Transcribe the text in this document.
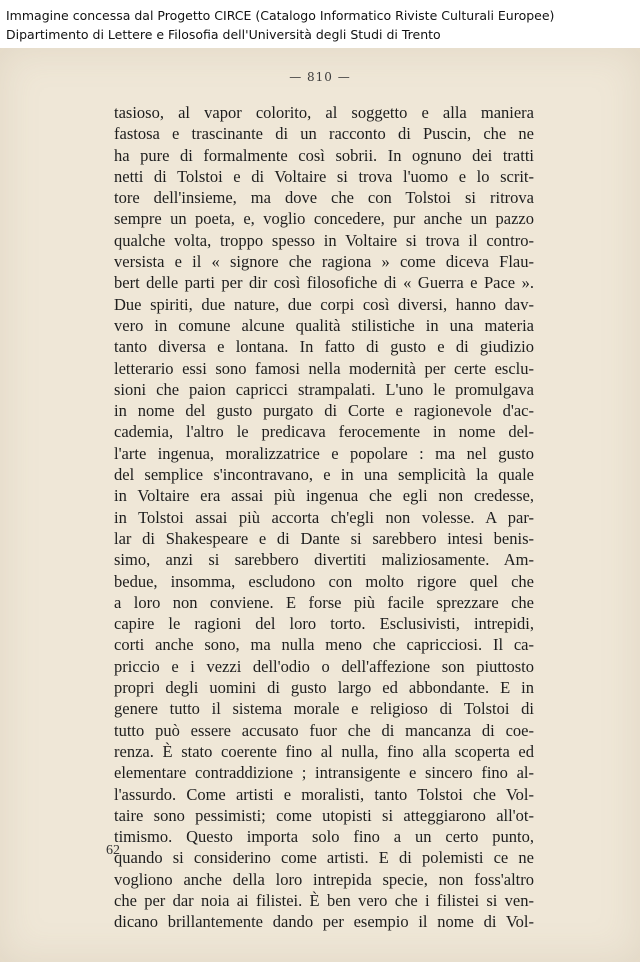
Immagine concessa dal Progetto CIRCE (Catalogo Informatico Riviste Culturali Europee)
Dipartimento di Lettere e Filosofia dell'Università degli Studi di Trento
— 810 —
tasioso, al vapor colorito, al soggetto e alla maniera
fastosa e trascinante di un racconto di Puscin, che ne
ha pure di formalmente così sobrii. In ognuno dei tratti
netti di Tolstoi e di Voltaire si trova l'uomo e lo scrit-
tore dell'insieme, ma dove che con Tolstoi si ritrova
sempre un poeta, e, voglio concedere, pur anche un pazzo
qualche volta, troppo spesso in Voltaire si trova il contro-
versista e il « signore che ragiona » come diceva Flau-
bert delle parti per dir così filosofiche di « Guerra e Pace ».
Due spiriti, due nature, due corpi così diversi, hanno dav-
vero in comune alcune qualità stilistiche in una materia
tanto diversa e lontana. In fatto di gusto e di giudizio
letterario essi sono famosi nella modernità per certe esclu-
sioni che paion capricci strampalati. L'uno le promulgava
in nome del gusto purgato di Corte e ragionevole d'ac-
cademia, l'altro le predicava ferocemente in nome del-
l'arte ingenua, moralizzatrice e popolare : ma nel gusto
del semplice s'incontravano, e in una semplicità la quale
in Voltaire era assai più ingenua che egli non credesse,
in Tolstoi assai più accorta ch'egli non volesse. A par-
lar di Shakespeare e di Dante si sarebbero intesi benis-
simo, anzi si sarebbero divertiti maliziosamente. Am-
bedue, insomma, escludono con molto rigore quel che
a loro non conviene. E forse più facile sprezzare che
capire le ragioni del loro torto. Esclusivisti, intrepidi,
corti anche sono, ma nulla meno che capricciosi. Il ca-
priccio e i vezzi dell'odio o dell'affezione son piuttosto
propri degli uomini di gusto largo ed abbondante. E in
genere tutto il sistema morale e religioso di Tolstoi di
tutto può essere accusato fuor che di mancanza di coe-
renza. È stato coerente fino al nulla, fino alla scoperta ed
elementare contraddizione ; intransigente e sincero fino al-
l'assurdo. Come artisti e moralisti, tanto Tolstoi che Vol-
taire sono pessimisti; come utopisti si atteggiarono all'ot-
timismo. Questo importa solo fino a un certo punto,
quando si considerino come artisti. E di polemisti ce ne
vogliono anche della loro intrepida specie, non foss'altro
che per dar noia ai filistei. È ben vero che i filistei si ven-
dicano brillantemente dando per esempio il nome di Vol-
62
